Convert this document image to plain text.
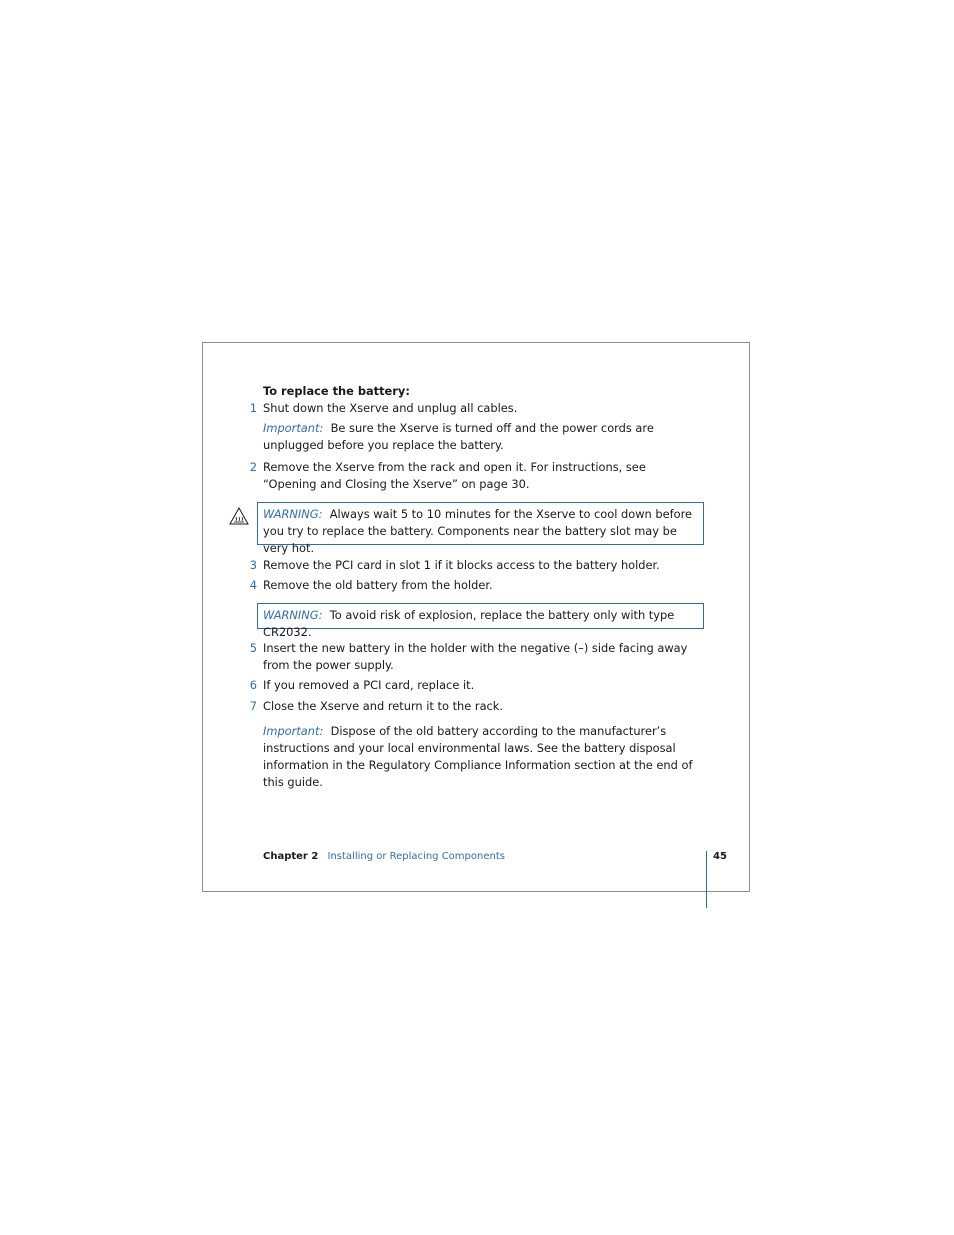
To replace the battery:
1 Shut down the Xserve and unplug all cables.
Important: Be sure the Xserve is turned off and the power cords are unplugged before you replace the battery.
2 Remove the Xserve from the rack and open it. For instructions, see “Opening and Closing the Xserve” on page 30.
WARNING: Always wait 5 to 10 minutes for the Xserve to cool down before you try to replace the battery. Components near the battery slot may be very hot.
3 Remove the PCI card in slot 1 if it blocks access to the battery holder.
4 Remove the old battery from the holder.
WARNING: To avoid risk of explosion, replace the battery only with type CR2032.
5 Insert the new battery in the holder with the negative (–) side facing away from the power supply.
6 If you removed a PCI card, replace it.
7 Close the Xserve and return it to the rack.
Important: Dispose of the old battery according to the manufacturer’s instructions and your local environmental laws. See the battery disposal information in the Regulatory Compliance Information section at the end of this guide.
Chapter 2 Installing or Replacing Components	45
